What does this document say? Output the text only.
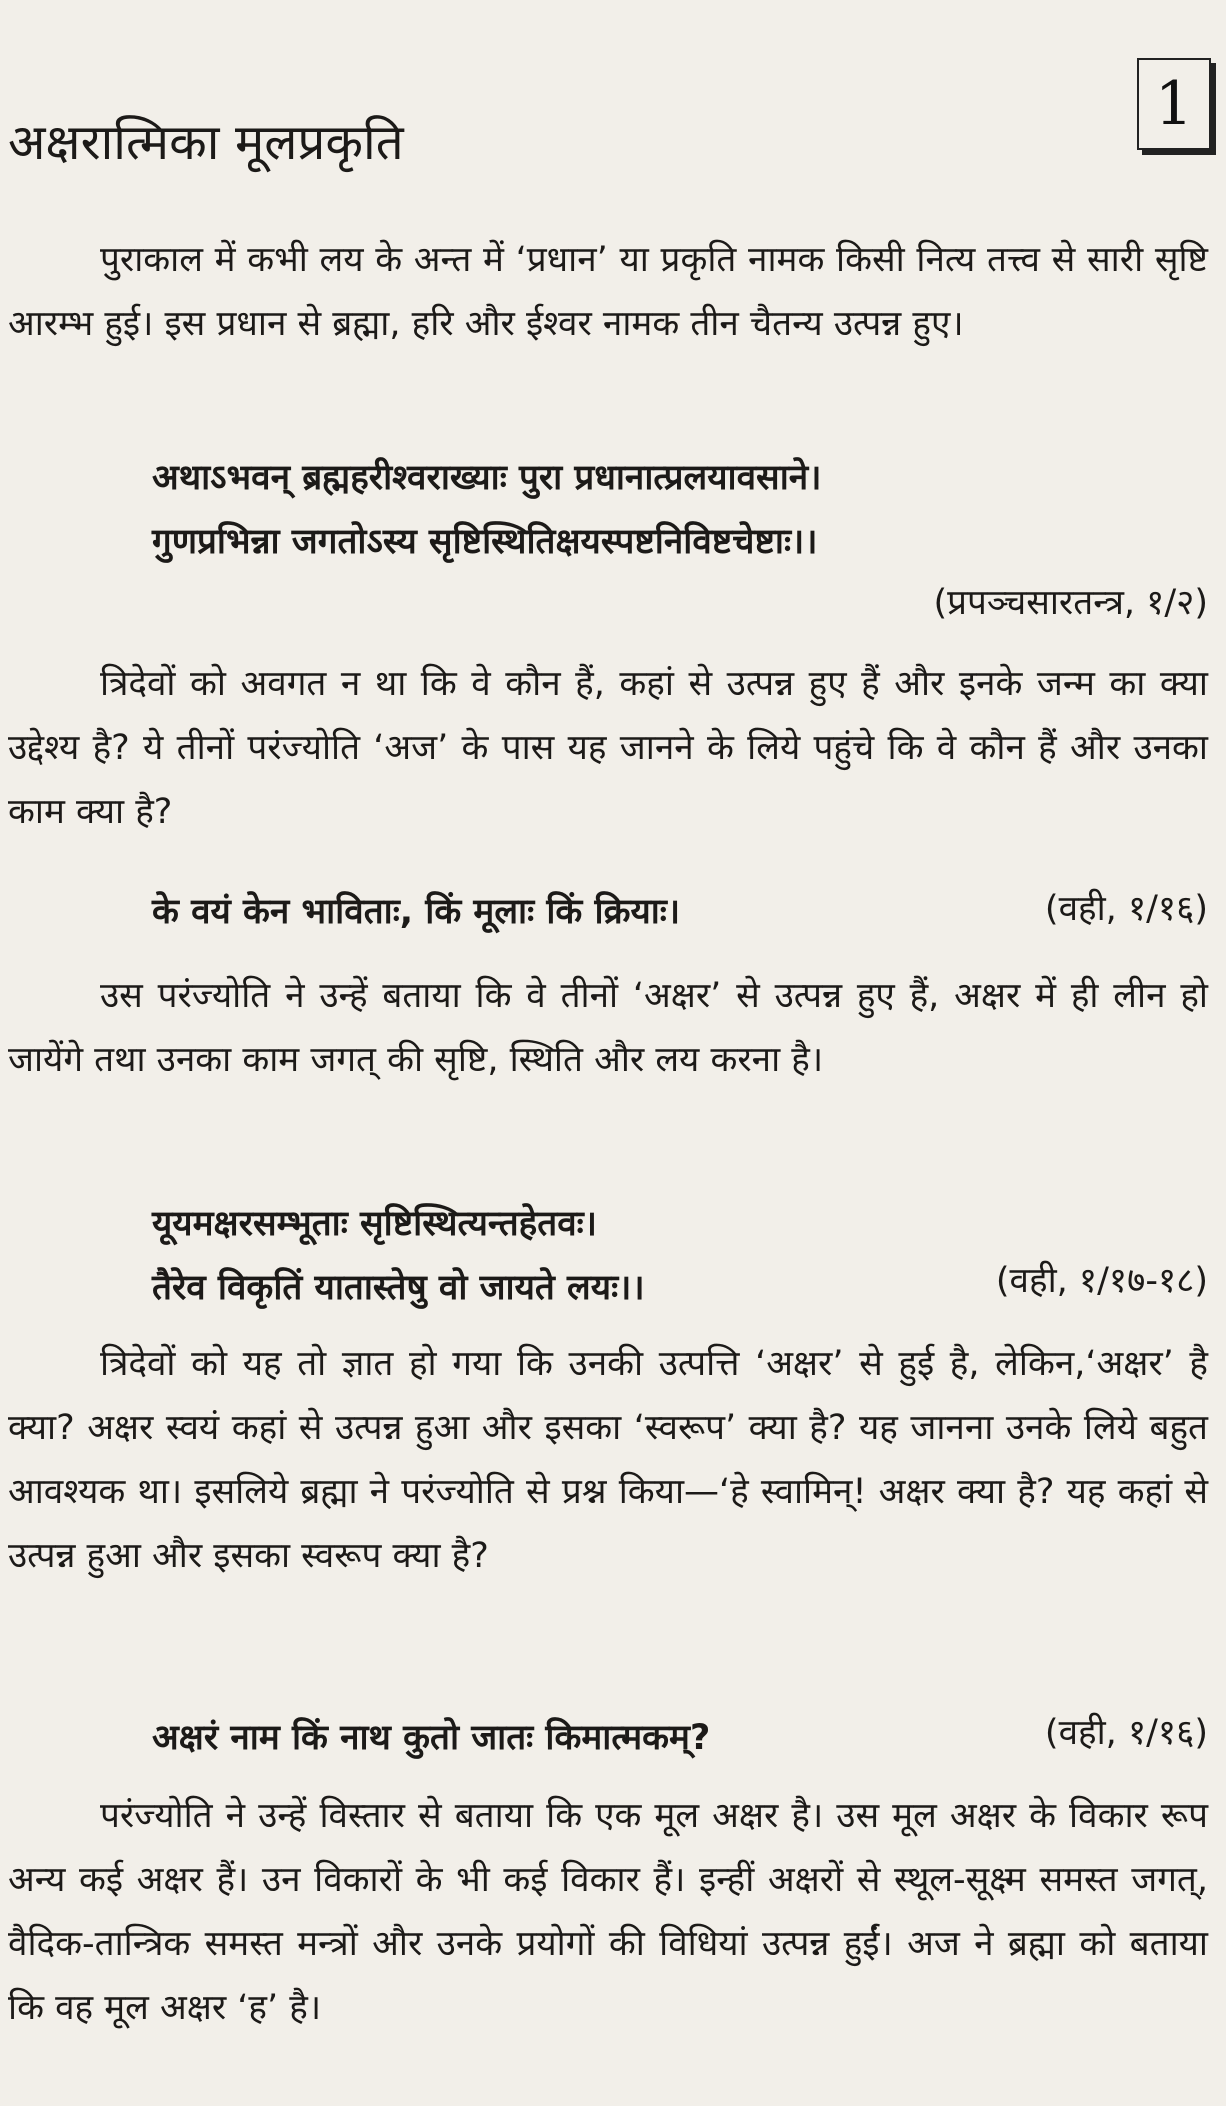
1
अक्षरात्मिका मूलप्रकृति

पुराकाल में कभी लय के अन्त में ‘प्रधान’ या प्रकृति नामक किसी नित्य तत्त्व से सारी सृष्टि आरम्भ हुई। इस प्रधान से ब्रह्मा, हरि और ईश्वर नामक तीन चैतन्य उत्पन्न हुए।

अथाऽभवन् ब्रह्महरीश्वराख्याः पुरा प्रधानात्प्रलयावसाने।
गुणप्रभिन्ना जगतोऽस्य सृष्टिस्थितिक्षयस्पष्टनिविष्टचेष्टाः।।
(प्रपञ्चसारतन्त्र, १/२)

त्रिदेवों को अवगत न था कि वे कौन हैं, कहां से उत्पन्न हुए हैं और इनके जन्म का क्या उद्देश्य है? ये तीनों परंज्योति ‘अज’ के पास यह जानने के लिये पहुंचे कि वे कौन हैं और उनका काम क्या है?

के वयं केन भाविताः, किं मूलाः किं क्रियाः।	(वही, १/१६)

उस परंज्योति ने उन्हें बताया कि वे तीनों ‘अक्षर’ से उत्पन्न हुए हैं, अक्षर में ही लीन हो जायेंगे तथा उनका काम जगत् की सृष्टि, स्थिति और लय करना है।

यूयमक्षरसम्भूताः सृष्टिस्थित्यन्तहेतवः।
तैरेव विकृतिं यातास्तेषु वो जायते लयः।।	(वही, १/१७-१८)

त्रिदेवों को यह तो ज्ञात हो गया कि उनकी उत्पत्ति ‘अक्षर’ से हुई है, लेकिन,‘अक्षर’ है क्या? अक्षर स्वयं कहां से उत्पन्न हुआ और इसका ‘स्वरूप’ क्या है? यह जानना उनके लिये बहुत आवश्यक था। इसलिये ब्रह्मा ने परंज्योति से प्रश्न किया—‘हे स्वामिन्! अक्षर क्या है? यह कहां से उत्पन्न हुआ और इसका स्वरूप क्या है?

अक्षरं नाम किं नाथ कुतो जातः किमात्मकम्?	(वही, १/१६)

परंज्योति ने उन्हें विस्तार से बताया कि एक मूल अक्षर है। उस मूल अक्षर के विकार रूप अन्य कई अक्षर हैं। उन विकारों के भी कई विकार हैं। इन्हीं अक्षरों से स्थूल-सूक्ष्म समस्त जगत्, वैदिक-तान्त्रिक समस्त मन्त्रों और उनके प्रयोगों की विधियां उत्पन्न हुईं। अज ने ब्रह्मा को बताया कि वह मूल अक्षर ‘ह’ है।
